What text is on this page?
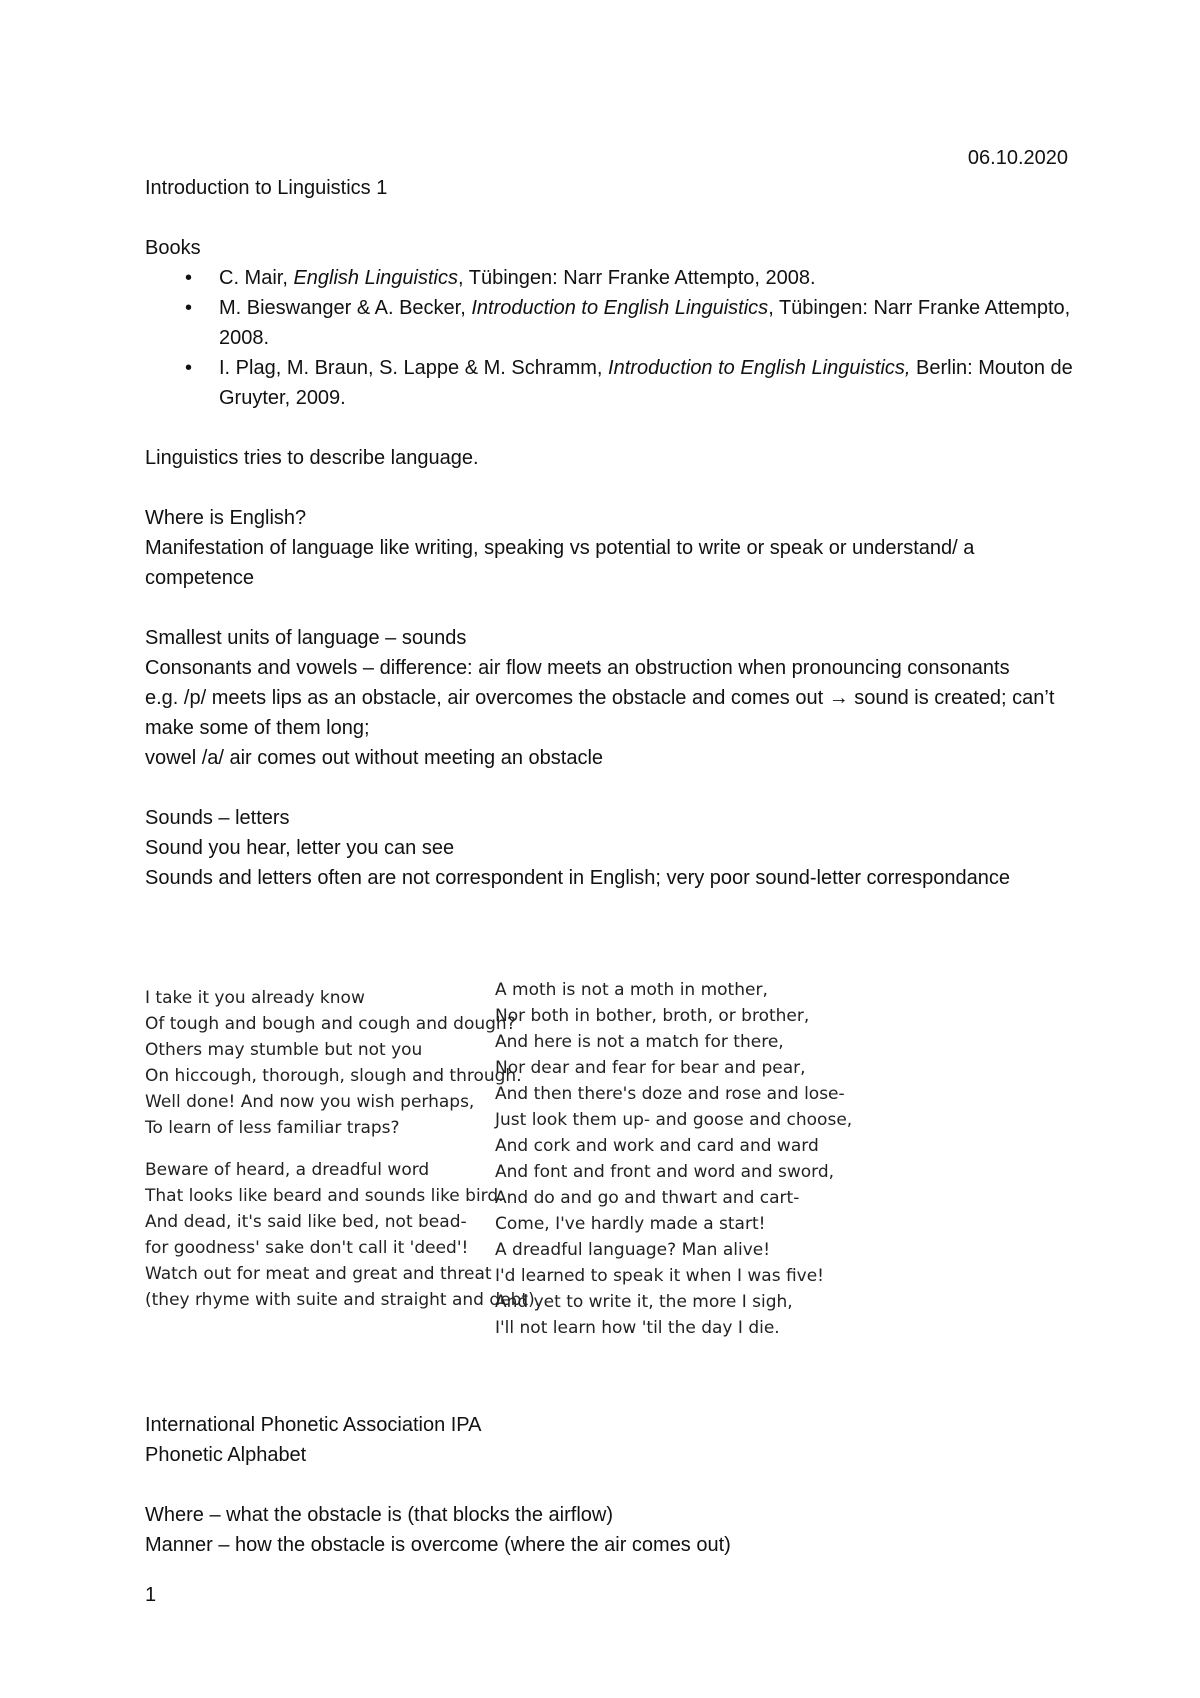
06.10.2020
Introduction to Linguistics 1
Books
• C. Mair, English Linguistics, Tübingen: Narr Franke Attempto, 2008.
• M. Bieswanger & A. Becker, Introduction to English Linguistics, Tübingen: Narr Franke Attempto, 2008.
• I. Plag, M. Braun, S. Lappe & M. Schramm, Introduction to English Linguistics, Berlin: Mouton de Gruyter, 2009.
Linguistics tries to describe language.
Where is English?
Manifestation of language like writing, speaking vs potential to write or speak or understand/ a competence
Smallest units of language – sounds
Consonants and vowels – difference: air flow meets an obstruction when pronouncing consonants
e.g. /p/ meets lips as an obstacle, air overcomes the obstacle and comes out → sound is created; can’t make some of them long;
vowel /a/ air comes out without meeting an obstacle
Sounds – letters
Sound you hear, letter you can see
Sounds and letters often are not correspondent in English; very poor sound-letter correspondance
I take it you already know
Of tough and bough and cough and dough?
Others may stumble but not you
On hiccough, thorough, slough and through.
Well done! And now you wish perhaps,
To learn of less familiar traps?
Beware of heard, a dreadful word
That looks like beard and sounds like bird.
And dead, it's said like bed, not bead-
for goodness' sake don't call it 'deed'!
Watch out for meat and great and threat
(they rhyme with suite and straight and debt).
A moth is not a moth in mother,
Nor both in bother, broth, or brother,
And here is not a match for there,
Nor dear and fear for bear and pear,
And then there's doze and rose and lose-
Just look them up- and goose and choose,
And cork and work and card and ward
And font and front and word and sword,
And do and go and thwart and cart-
Come, I've hardly made a start!
A dreadful language? Man alive!
I'd learned to speak it when I was five!
And yet to write it, the more I sigh,
I'll not learn how 'til the day I die.
International Phonetic Association IPA
Phonetic Alphabet
Where – what the obstacle is (that blocks the airflow)
Manner – how the obstacle is overcome (where the air comes out)
1
